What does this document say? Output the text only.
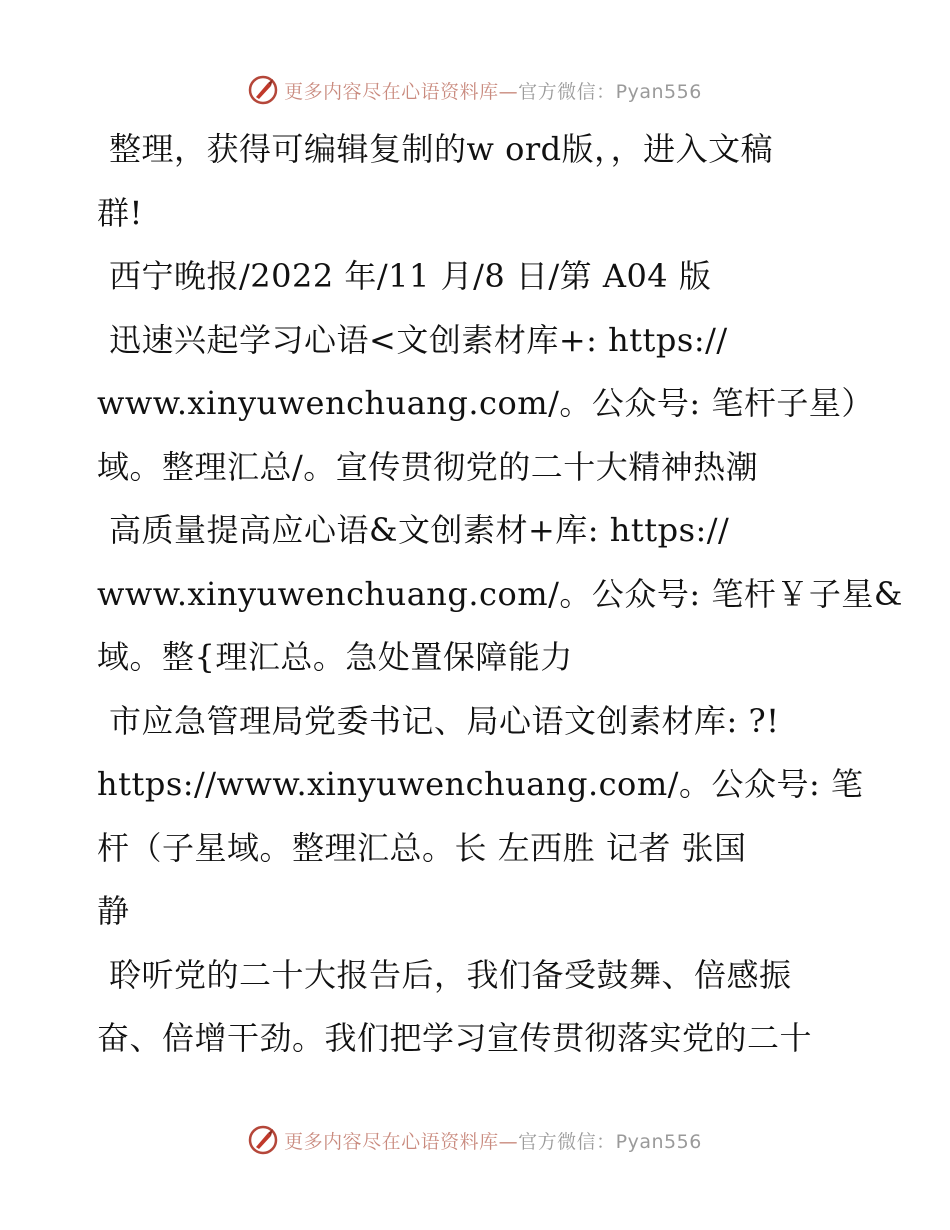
更多内容尽在心语资料库—官方微信：Pyan556

整理，获得可编辑复制的w ord版，，进入文稿
群!

西宁晚报/2022 年/11 月/8 日/第 A04 版

迅速兴起学习心语<文创素材库+: https://
www.xinyuwenchuang.com/。公众号: 笔杆子星）
域。整理汇总/。宣传贯彻党的二十大精神热潮

高质量提高应心语&文创素材+库: https://
www.xinyuwenchuang.com/。公众号: 笔杆￥子星&
域。整{理汇总。急处置保障能力

市应急管理局党委书记、局心语文创素材库: ?!
https://www.xinyuwenchuang.com/。公众号: 笔
杆（子星域。整理汇总。长 左西胜 记者 张国
静

聆听党的二十大报告后，我们备受鼓舞、倍感振
奋、倍增干劲。我们把学习宣传贯彻落实党的二十

更多内容尽在心语资料库—官方微信：Pyan556
